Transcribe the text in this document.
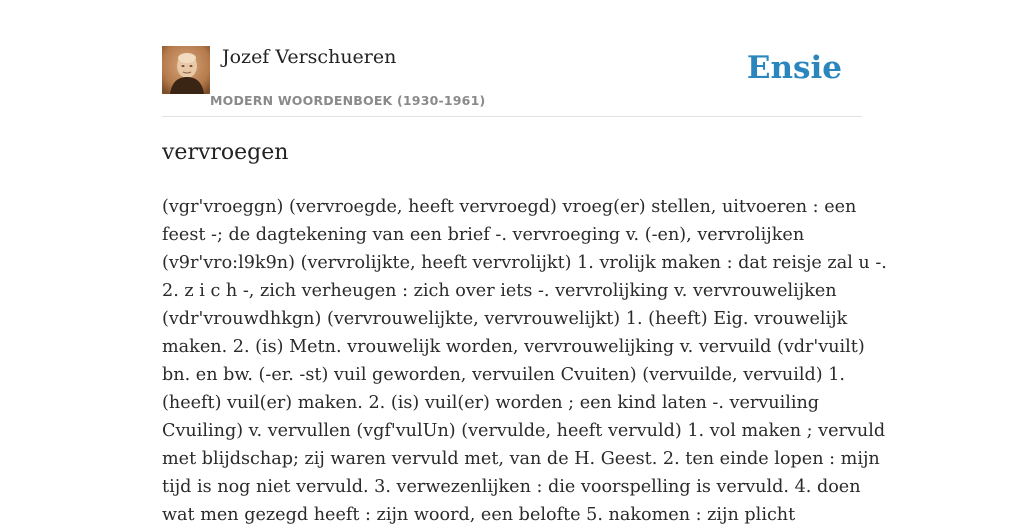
Jozef Verschueren
MODERN WOORDENBOEK (1930-1961)
Ensie
vervroegen
(vgr'vroeggn) (vervroegde, heeft vervroegd) vroeg(er) stellen, uitvoeren : een
feest -; de dagtekening van een brief -. vervroeging v. (-en), vervrolijken
(v9r'vro:l9k9n) (vervrolijkte, heeft vervrolijkt) 1. vrolijk maken : dat reisje zal u -.
2. z i c h -, zich verheugen : zich over iets -. vervrolijking v. vervrouwelijken
(vdr'vrouwdhkgn) (vervrouwelijkte, vervrouwelijkt) 1. (heeft) Eig. vrouwelijk
maken. 2. (is) Metn. vrouwelijk worden, vervrouwelijking v. vervuild (vdr'vuilt)
bn. en bw. (-er. -st) vuil geworden, vervuilen Cvuiten) (vervuilde, vervuild) 1.
(heeft) vuil(er) maken. 2. (is) vuil(er) worden ; een kind laten -. vervuiling
Cvuiling) v. vervullen (vgf'vulUn) (vervulde, heeft vervuld) 1. vol maken ; vervuld
met blijdschap; zij waren vervuld met, van de H. Geest. 2. ten einde lopen : mijn
tijd is nog niet vervuld. 3. verwezenlijken : die voorspelling is vervuld. 4. doen
wat men gezegd heeft : zijn woord, een belofte 5. nakomen : zijn plicht
